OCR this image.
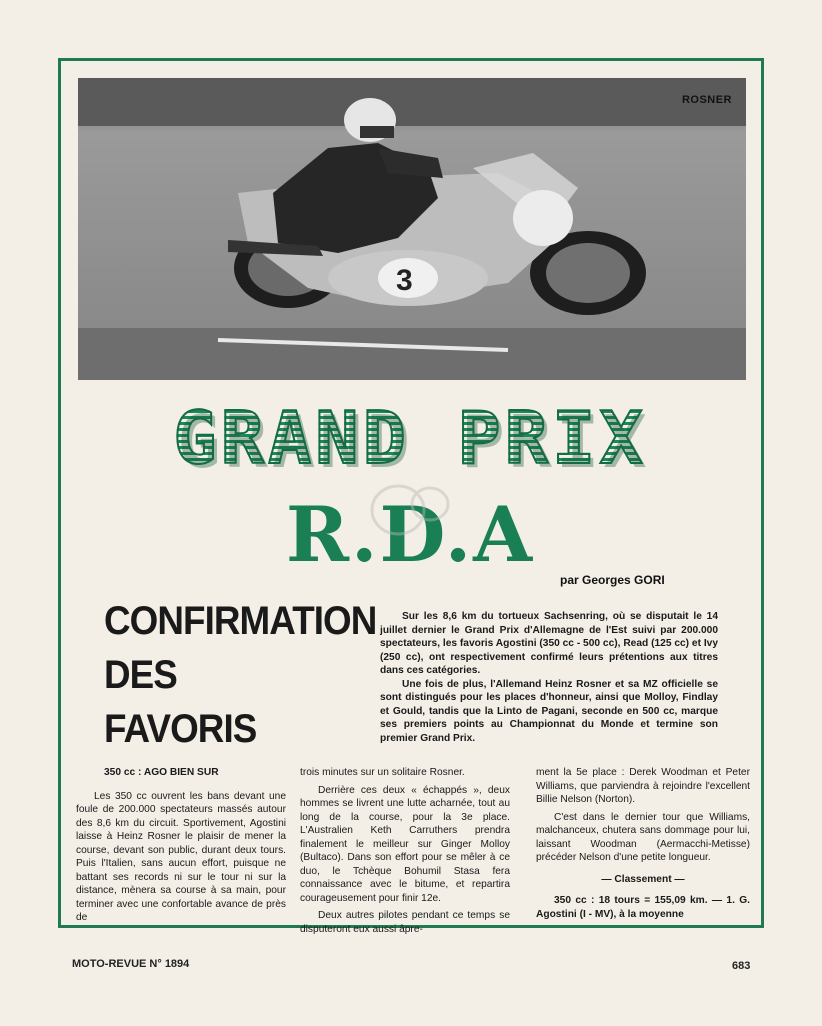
3
ROSNER
GRAND PRIX
R.D.A
par Georges GORI
CONFIRMATION
DES
FAVORIS

Sur les 8,6 km du tortueux Sachsenring, où se disputait le 14 juillet dernier le Grand Prix d'Allemagne de l'Est suivi par 200.000 spectateurs, les favoris Agostini (350 cc - 500 cc), Read (125 cc) et Ivy (250 cc), ont respectivement confirmé leurs prétentions aux titres dans ces catégories.

Une fois de plus, l'Allemand Heinz Rosner et sa MZ officielle se sont distingués pour les places d'honneur, ainsi que Molloy, Findlay et Gould, tandis que la Linto de Pagani, seconde en 500 cc, marque ses premiers points au Championnat du Monde et termine son premier Grand Prix.

350 cc : AGO BIEN SUR

Les 350 cc ouvrent les bans devant une foule de 200.000 spectateurs massés autour des 8,6 km du circuit. Sportivement, Agostini laisse à Heinz Rosner le plaisir de mener la course, devant son public, durant deux tours. Puis l'Italien, sans aucun effort, puisque ne battant ses records ni sur le tour ni sur la distance, mènera sa course à sa main, pour terminer avec une confortable avance de près de

trois minutes sur un solitaire Rosner.

Derrière ces deux « échappés », deux hommes se livrent une lutte acharnée, tout au long de la course, pour la 3e place. L'Australien Keth Carruthers prendra finalement le meilleur sur Ginger Molloy (Bultaco). Dans son effort pour se mêler à ce duo, le Tchèque Bohumil Stasa fera connaissance avec le bitume, et repartira courageusement pour finir 12e.

Deux autres pilotes pendant ce temps se disputeront eux aussi âpre-

ment la 5e place : Derek Woodman et Peter Williams, que parviendra à rejoindre l'excellent Billie Nelson (Norton).

C'est dans le dernier tour que Williams, malchanceux, chutera sans dommage pour lui, laissant Woodman (Aermacchi-Metisse) précéder Nelson d'une petite longueur.

— Classement —

350 cc : 18 tours = 155,09 km. — 1. G. Agostini (I - MV), à la moyenne

MOTO-REVUE N° 1894	683
